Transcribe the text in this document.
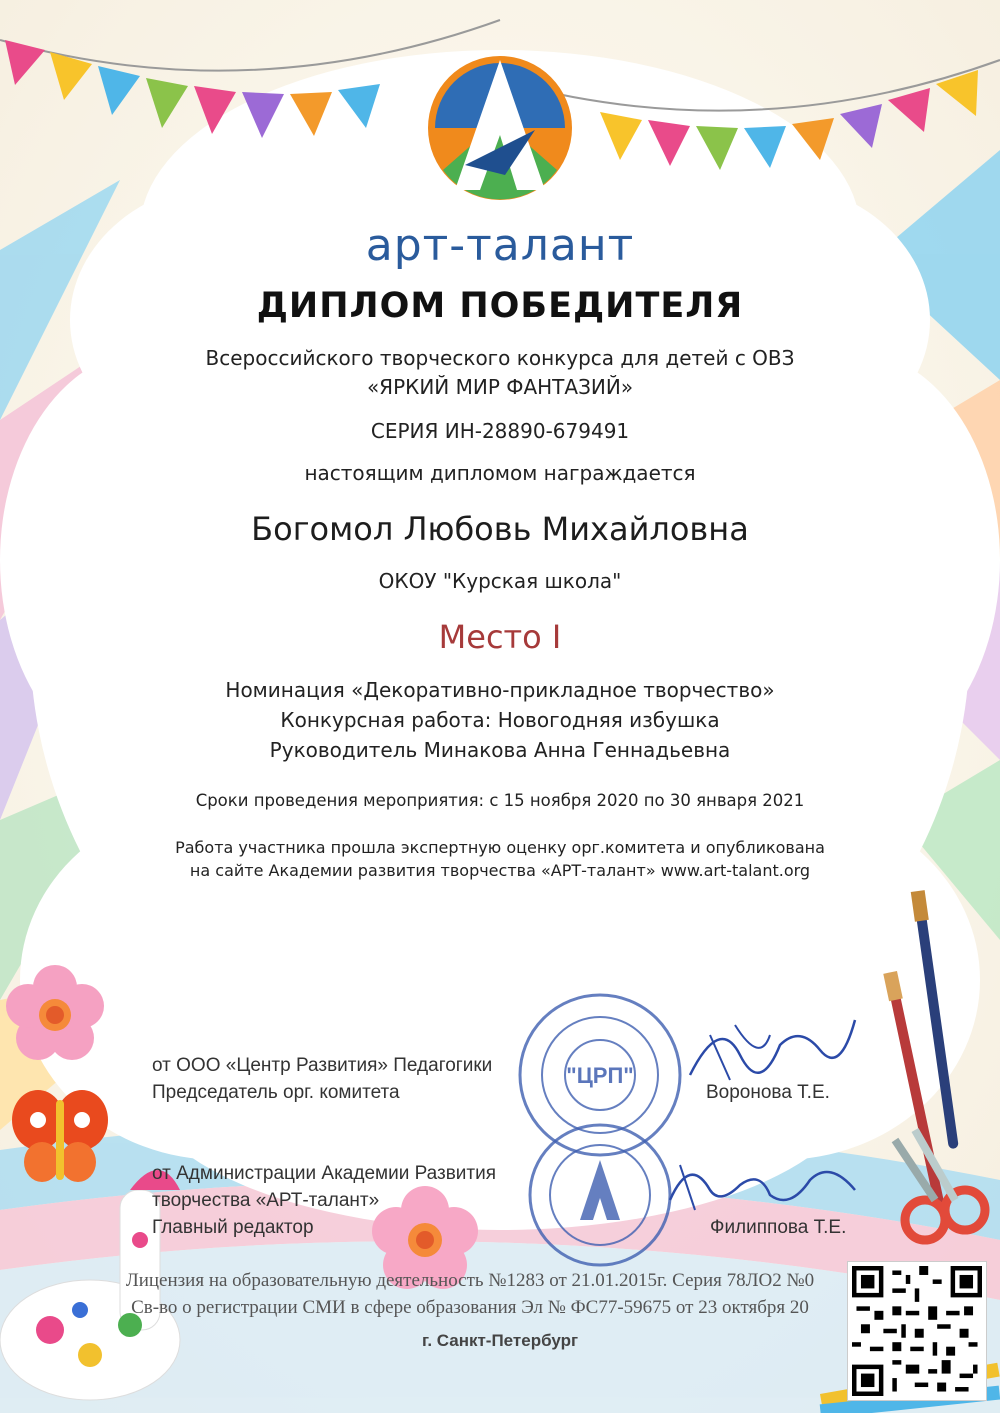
арт-талант
ДИПЛОМ ПОБЕДИТЕЛЯ
Всероссийского творческого конкурса для детей с ОВЗ
«ЯРКИЙ МИР ФАНТАЗИЙ»
СЕРИЯ ИН-28890-679491
настоящим дипломом награждается
Богомол Любовь Михайловна
ОКОУ "Курская школа"
Место I
Номинация «Декоративно-прикладное творчество»
Конкурсная работа: Новогодняя избушка
Руководитель Минакова Анна Геннадьевна
Сроки проведения мероприятия: с 15 ноября 2020 по 30 января 2021
Работа участника прошла экспертную оценку орг.комитета и опубликована
на сайте Академии развития творчества «АРТ-талант» www.art-talant.org
от ООО «Центр Развития» Педагогики
Председатель орг. комитета	Воронова Т.Е.
от Администрации Академии Развития
творчества «АРТ-талант»
Главный редактор	Филиппова Т.Е.
"ЦРП"
Лицензия на образовательную деятельность №1283 от 21.01.2015г. Серия 78ЛО2 №0
Св-во о регистрации СМИ в сфере образования Эл № ФС77-59675 от 23 октября 20
г. Санкт-Петербург
